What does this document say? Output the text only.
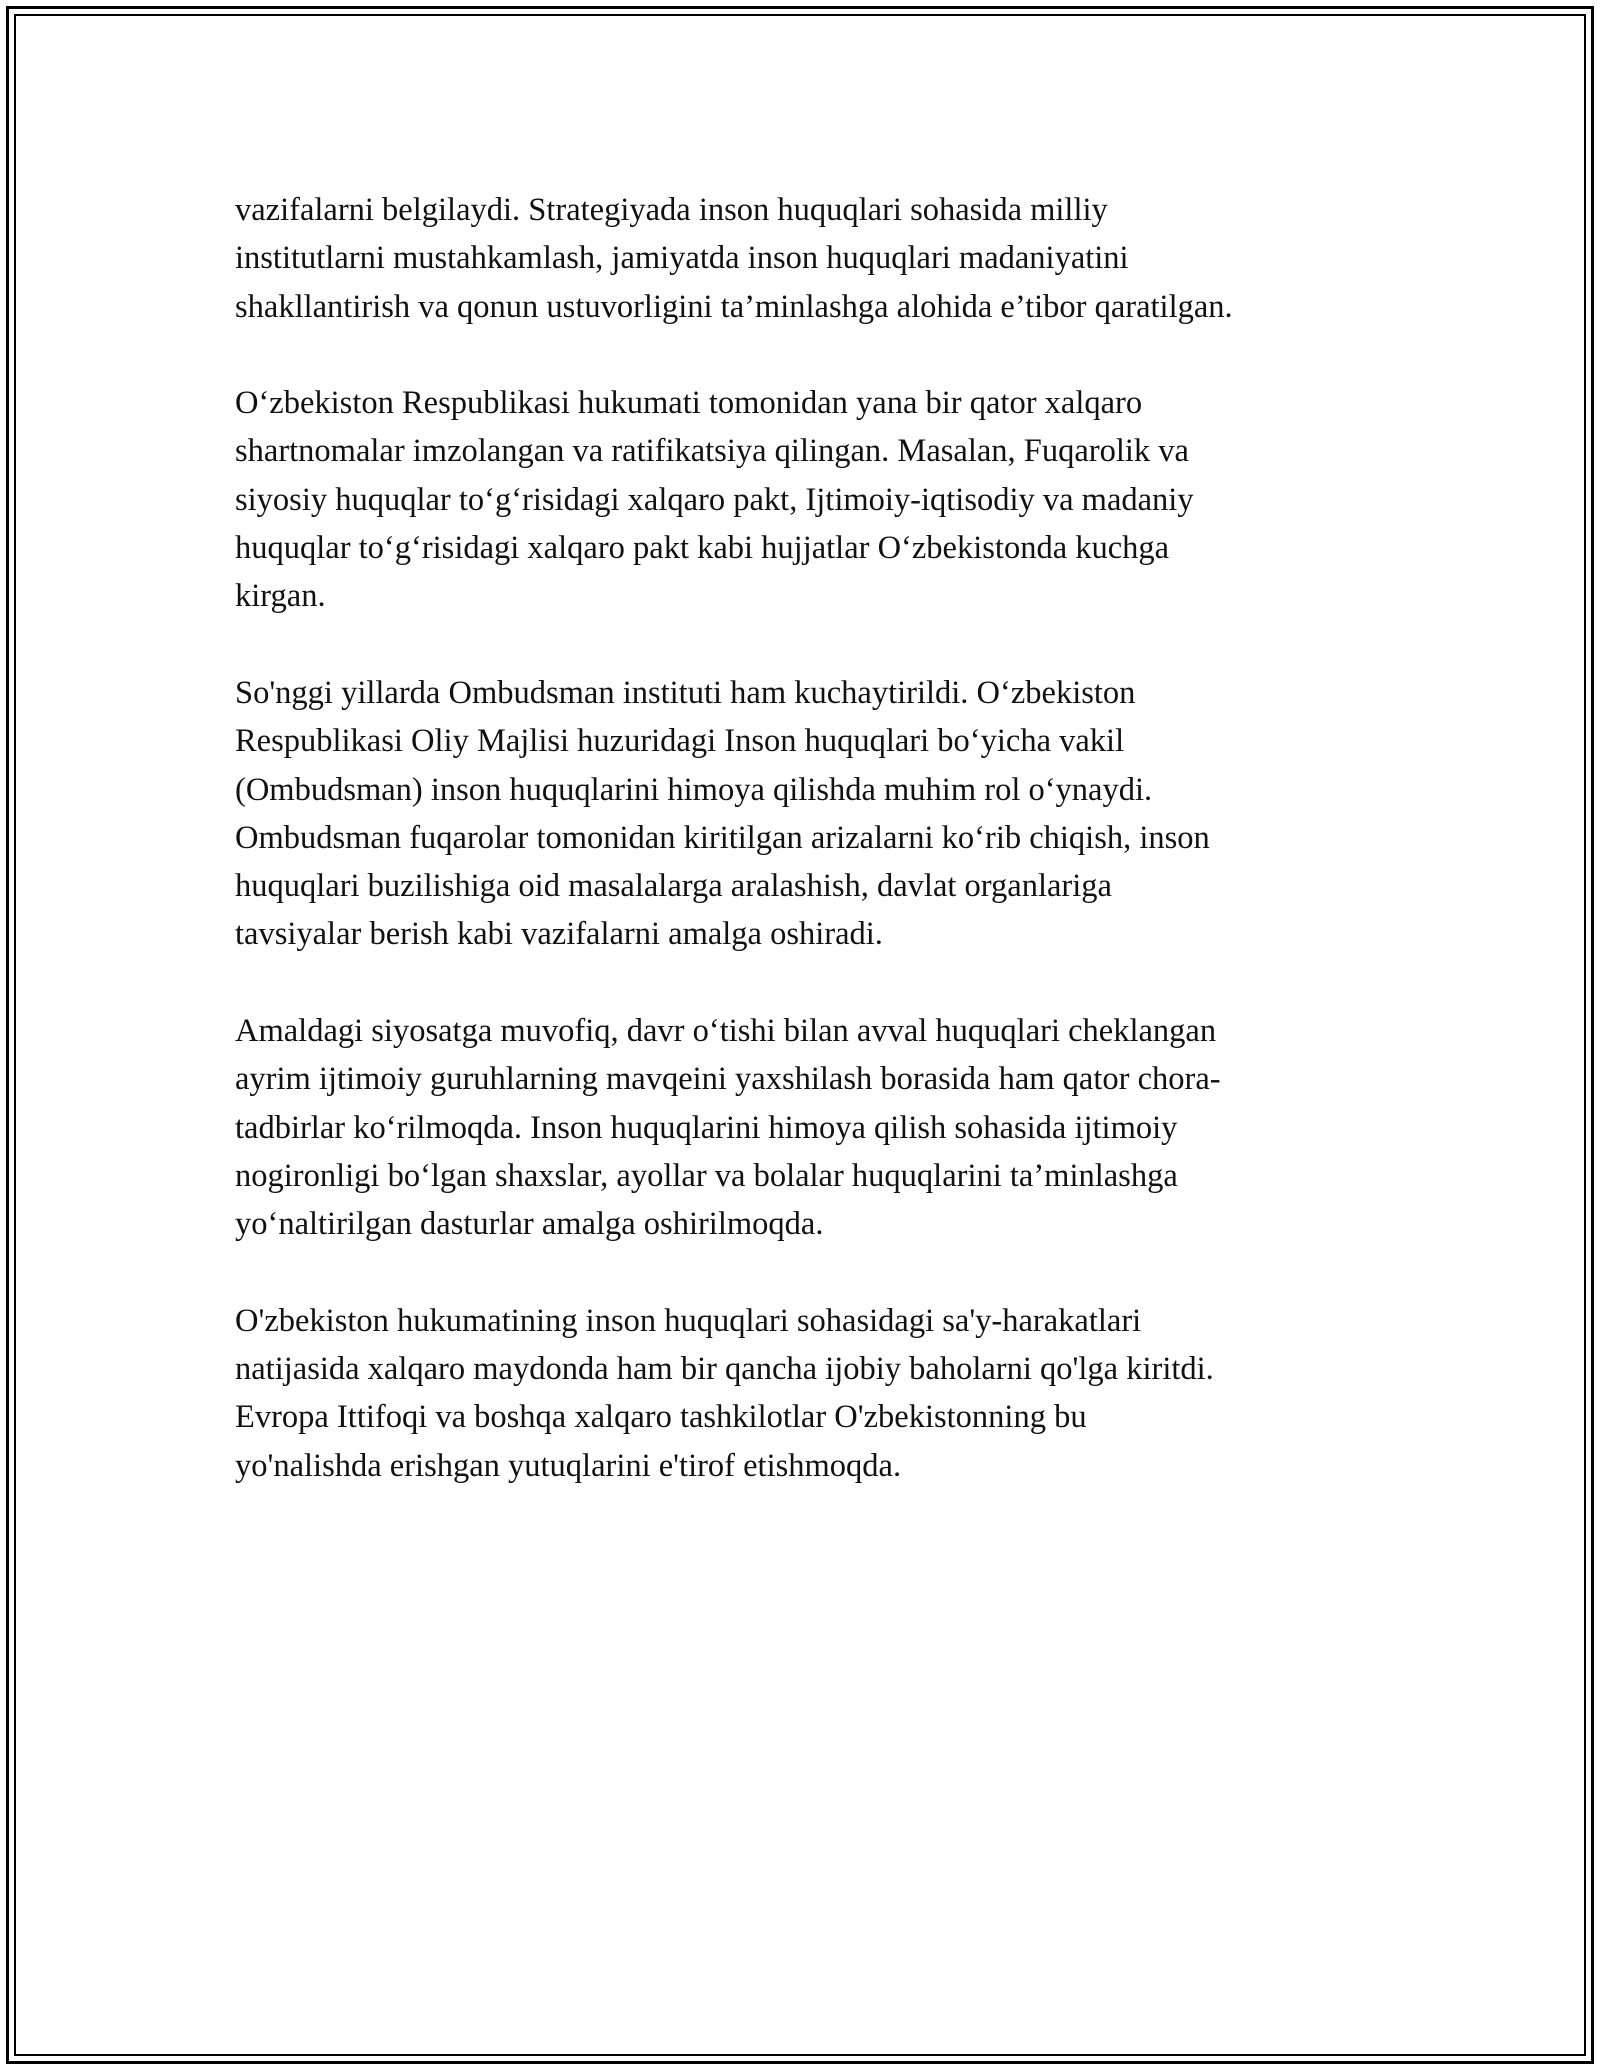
vazifalarni belgilaydi. Strategiyada inson huquqlari sohasida milliy
institutlarni mustahkamlash, jamiyatda inson huquqlari madaniyatini
shakllantirish va qonun ustuvorligini ta’minlashga alohida e’tibor qaratilgan.

O‘zbekiston Respublikasi hukumati tomonidan yana bir qator xalqaro
shartnomalar imzolangan va ratifikatsiya qilingan. Masalan, Fuqarolik va
siyosiy huquqlar to‘g‘risidagi xalqaro pakt, Ijtimoiy-iqtisodiy va madaniy
huquqlar to‘g‘risidagi xalqaro pakt kabi hujjatlar O‘zbekistonda kuchga
kirgan.

So'nggi yillarda Ombudsman instituti ham kuchaytirildi. O‘zbekiston
Respublikasi Oliy Majlisi huzuridagi Inson huquqlari bo‘yicha vakil
(Ombudsman) inson huquqlarini himoya qilishda muhim rol o‘ynaydi.
Ombudsman fuqarolar tomonidan kiritilgan arizalarni ko‘rib chiqish, inson
huquqlari buzilishiga oid masalalarga aralashish, davlat organlariga
tavsiyalar berish kabi vazifalarni amalga oshiradi.

Amaldagi siyosatga muvofiq, davr o‘tishi bilan avval huquqlari cheklangan
ayrim ijtimoiy guruhlarning mavqeini yaxshilash borasida ham qator chora-
tadbirlar ko‘rilmoqda. Inson huquqlarini himoya qilish sohasida ijtimoiy
nogironligi bo‘lgan shaxslar, ayollar va bolalar huquqlarini ta’minlashga
yo‘naltirilgan dasturlar amalga oshirilmoqda.

O'zbekiston hukumatining inson huquqlari sohasidagi sa'y-harakatlari
natijasida xalqaro maydonda ham bir qancha ijobiy baholarni qo'lga kiritdi.
Evropa Ittifoqi va boshqa xalqaro tashkilotlar O'zbekistonning bu
yo'nalishda erishgan yutuqlarini e'tirof etishmoqda.
